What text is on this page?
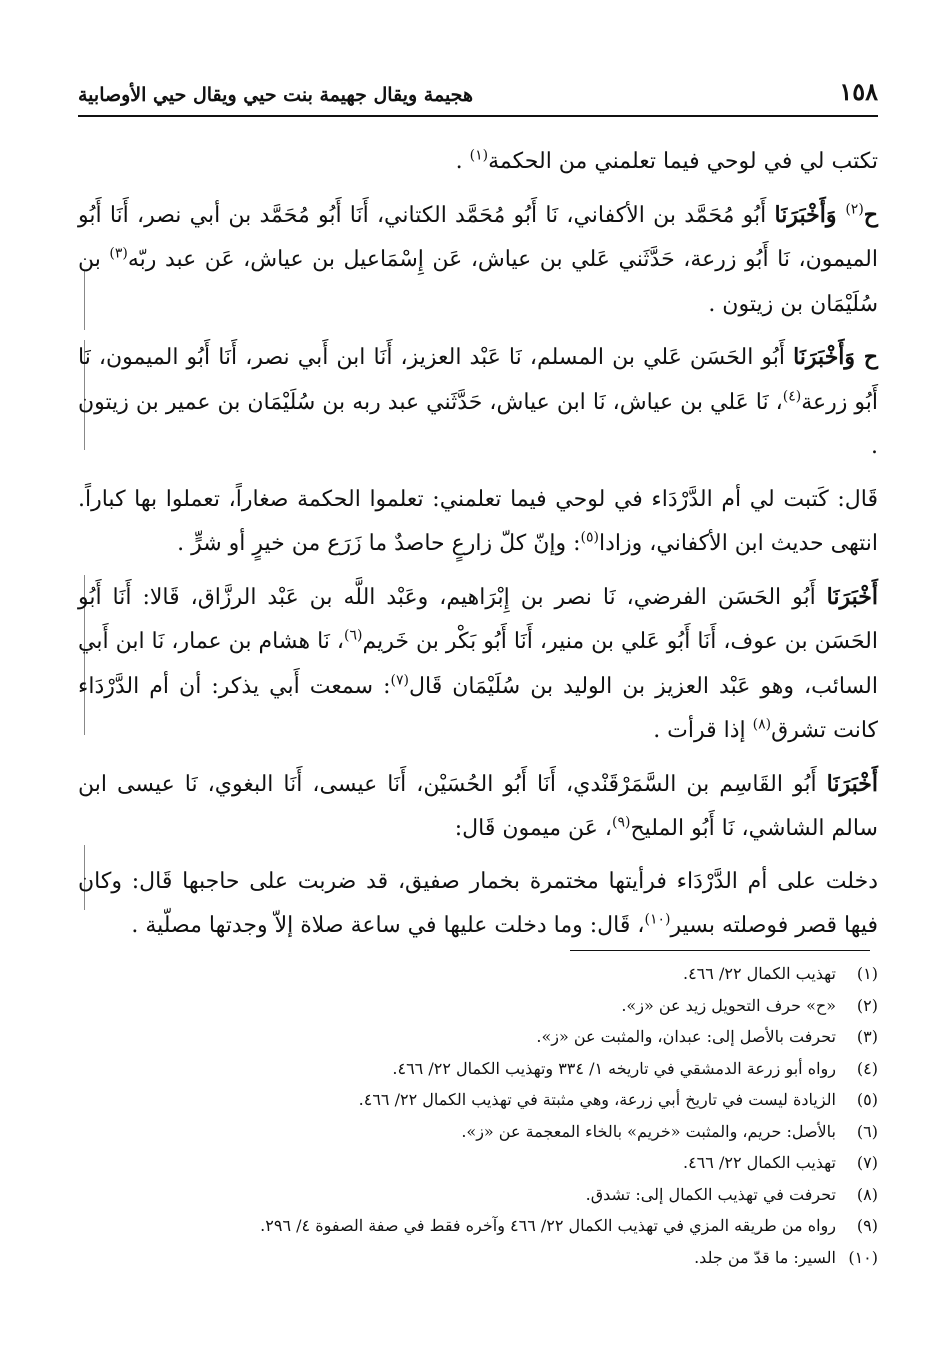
١٥٨
هجيمة ويقال جهيمة بنت حيي ويقال حيي الأوصابية

تكتب لي في لوحي فيما تعلمني من الحكمة$^{(١)}$ .

ح$^{(٢)}$ وَأَخْبَرَنَا أَبُو مُحَمَّد بن الأكفاني، نَا أَبُو مُحَمَّد الكتاني، أَنَا أَبُو مُحَمَّد بن أبي نصر، أَنَا أَبُو الميمون، نَا أَبُو زرعة، حَدَّثَني عَلي بن عياش، عَن إِسْمَاعيل بن عياش، عَن عبد ربّه$^{(٣)}$ بن سُلَيْمَان بن زيتون .

ح وَأَخْبَرَنَا أَبُو الحَسَن عَلي بن المسلم، نَا عَبْد العزيز، أَنَا ابن أَبي نصر، أَنَا أَبُو الميمون، نَا أَبُو زرعة$^{(٤)}$، نَا عَلي بن عياش، نَا ابن عياش، حَدَّثَني عبد ربه بن سُلَيْمَان بن عمير بن زيتون .

قَال: كَتبت لي أم الدَّرْدَاء في لوحي فيما تعلمني: تعلموا الحكمة صغاراً، تعملوا بها كباراً. انتهى حديث ابن الأكفاني، وزادا$^{(٥)}$: وإنّ كلّ زارعٍ حاصدٌ ما زَرَع من خيرٍ أو شرٍّ .

أَخْبَرَنَا أَبُو الحَسَن الفرضي، نَا نصر بن إِبْرَاهيم، وعَبْد اللَّه بن عَبْد الرزَّاق، قَالا: أَنَا أَبُو الحَسَن بن عوف، أَنَا أَبُو عَلي بن منير، أَنَا أَبُو بَكْر بن خَريم$^{(٦)}$، نَا هشام بن عمار، نَا ابن أَبي السائب، وهو عَبْد العزيز بن الوليد بن سُلَيْمَان قَال$^{(٧)}$: سمعت أَبي يذكر: أن أم الدَّرْدَاء كانت تشرق$^{(٨)}$ إذا قرأت .

أَخْبَرَنَا أَبُو القَاسِم بن السَّمَرْقَنْدي، أَنَا أَبُو الحُسَيْن، أَنَا عيسى، أَنَا البغوي، نَا عيسى ابن سالم الشاشي، نَا أَبُو المليح$^{(٩)}$، عَن ميمون قَال:

دخلت على أم الدَّرْدَاء فرأيتها مختمرة بخمار صفيق، قد ضربت على حاجبها قَال: وكان فيها قصر فوصلته بسير$^{(١٠)}$، قَال: وما دخلت عليها في ساعة صلاة إلاّ وجدتها مصلّية .

(١)
تهذيب الكمال ٢٢/ ٤٦٦.
(٢)
«ح» حرف التحويل زيد عن «ز».
(٣)
تحرفت بالأصل إلى: عبدان، والمثبت عن «ز».
(٤)
رواه أبو زرعة الدمشقي في تاريخه ١/ ٣٣٤ وتهذيب الكمال ٢٢/ ٤٦٦.
(٥)
الزيادة ليست في تاريخ أبي زرعة، وهي مثبتة في تهذيب الكمال ٢٢/ ٤٦٦.
(٦)
بالأصل: حريم، والمثبت «خريم» بالخاء المعجمة عن «ز».
(٧)
تهذيب الكمال ٢٢/ ٤٦٦.
(٨)
تحرفت في تهذيب الكمال إلى: تشدق.
(٩)
رواه من طريقه المزي في تهذيب الكمال ٢٢/ ٤٦٦ وآخره فقط في صفة الصفوة ٤/ ٢٩٦.
(١٠)
السير: ما قدّ من جلد.
